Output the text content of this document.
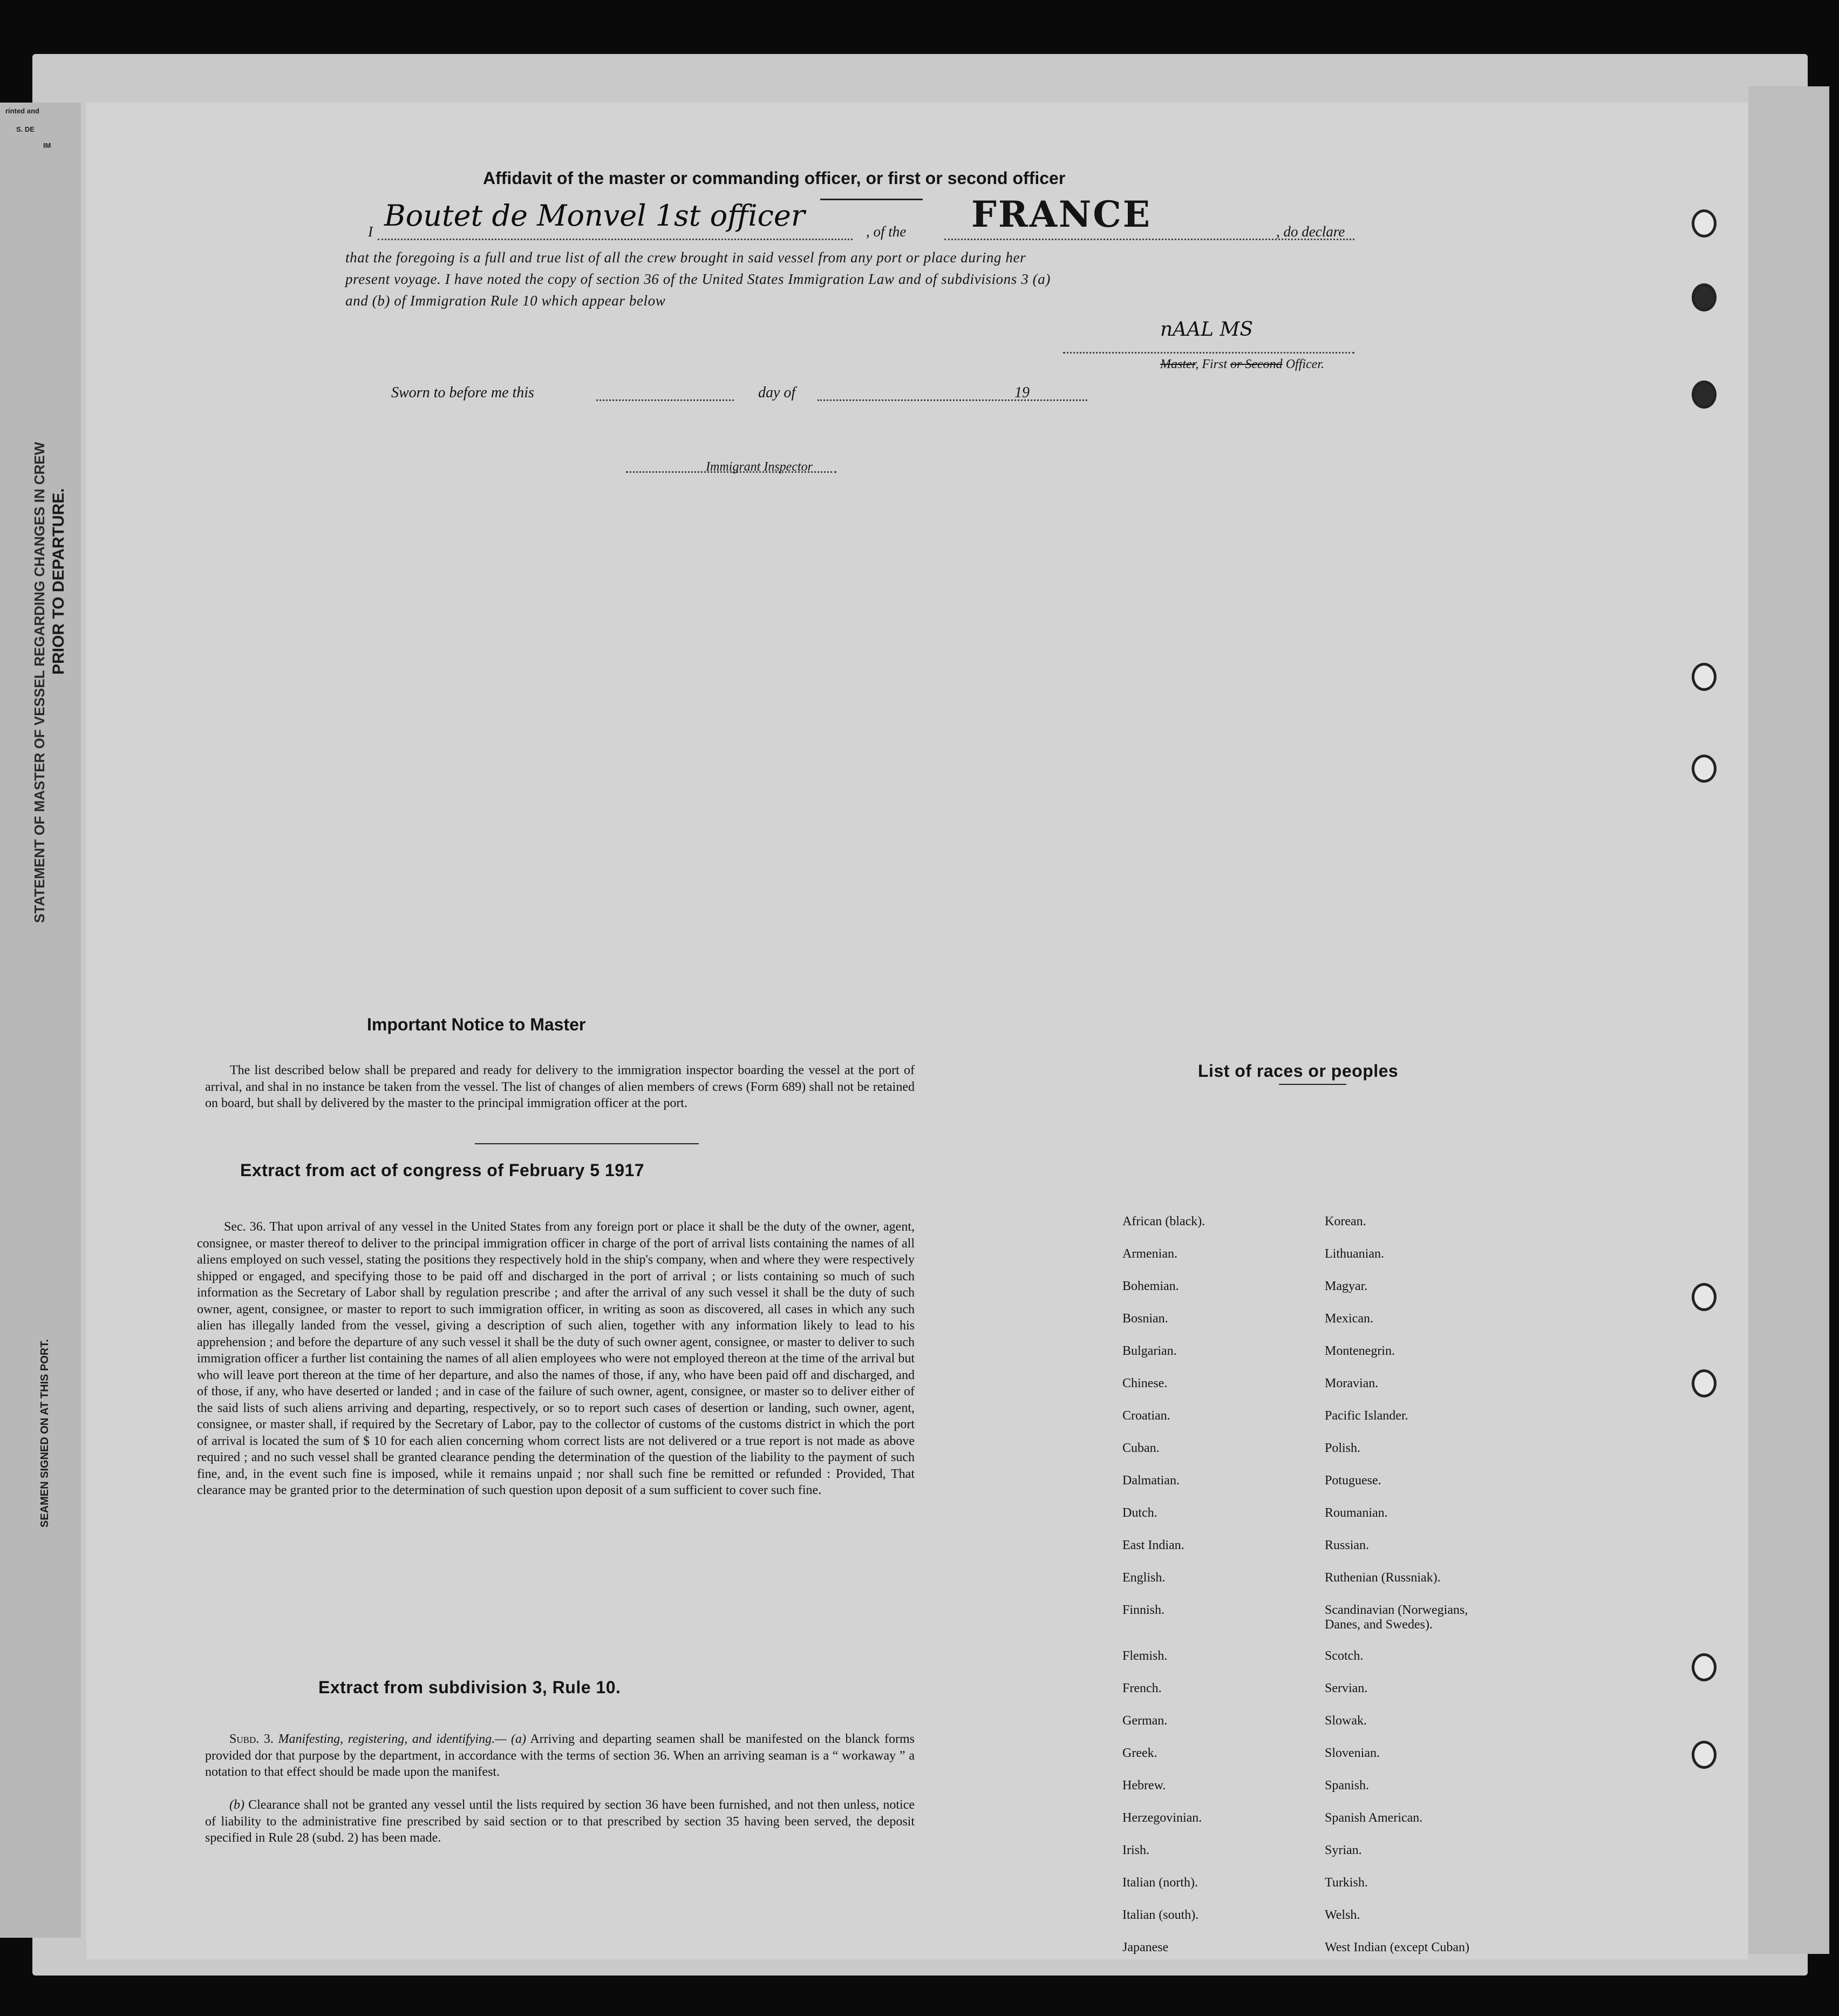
rinted and
S. DE
IM
STATEMENT OF MASTER OF VESSEL REGARDING CHANGES IN CREW PRIOR TO DEPARTURE.
SEAMEN SIGNED ON AT THIS PORT.
Affidavit of the master or commanding officer, or first or second officer
I Boutet de Monvel 1st officer	, of the FRANCE	, do declare
that the foregoing is a full and true list of all the crew brought in said vessel from any port or place during her
present voyage. I have noted the copy of section 36 of the United States Immigration Law and of subdivisions 3 (a)
and (b) of Immigration Rule 10 which appear below
nAAL MS
Master, First or Second Officer.
Sworn to before me this	day of	19
Immigrant Inspector
Important Notice to Master
The list described below shall be prepared and ready for delivery to the immigration inspector boarding the vessel at the port of arrival, and shal in no instance be taken from the vessel. The list of changes of alien members of crews (Form 689) shall not be retained on board, but shall by delivered by the master to the principal immigration officer at the port.
Extract from act of congress of February 5 1917
Sec. 36. That upon arrival of any vessel in the United States from any foreign port or place it shall be the duty of the owner, agent, consignee, or master thereof to deliver to the principal immigration officer in charge of the port of arrival lists containing the names of all aliens employed on such vessel, stating the positions they respectively hold in the ship's company, when and where they were respectively shipped or engaged, and specifying those to be paid off and discharged in the port of arrival ; or lists containing so much of such information as the Secretary of Labor shall by regulation prescribe ; and after the arrival of any such vessel it shall be the duty of such owner, agent, consignee, or master to report to such immigration officer, in writing as soon as discovered, all cases in which any such alien has illegally landed from the vessel, giving a description of such alien, together with any information likely to lead to his apprehension ; and before the departure of any such vessel it shall be the duty of such owner agent, consignee, or master to deliver to such immigration officer a further list containing the names of all alien employees who were not employed thereon at the time of the arrival but who will leave port thereon at the time of her departure, and also the names of those, if any, who have been paid off and discharged, and of those, if any, who have deserted or landed ; and in case of the failure of such owner, agent, consignee, or master so to deliver either of the said lists of such aliens arriving and departing, respectively, or so to report such cases of desertion or landing, such owner, agent, consignee, or master shall, if required by the Secretary of Labor, pay to the collector of customs of the customs district in which the port of arrival is located the sum of $ 10 for each alien concerning whom correct lists are not delivered or a true report is not made as above required ; and no such vessel shall be granted clearance pending the determination of the question of the liability to the payment of such fine, and, in the event such fine is imposed, while it remains unpaid ; nor shall such fine be remitted or refunded : Provided, That clearance may be granted prior to the determination of such question upon deposit of a sum sufficient to cover such fine.
Extract from subdivision 3, Rule 10.
Subd. 3. Manifesting, registering, and identifying.— (a) Arriving and departing seamen shall be manifested on the blanck forms provided dor that purpose by the department, in accordance with the terms of section 36. When an arriving seaman is a “ workaway ” a notation to that effect should be made upon the manifest.
(b) Clearance shall not be granted any vessel until the lists required by section 36 have been furnished, and not then unless, notice of liability to the administrative fine prescribed by said section or to that prescribed by section 35 having been served, the deposit specified in Rule 28 (subd. 2) has been made.
List of races or peoples
African (black).
Armenian.
Bohemian.
Bosnian.
Bulgarian.
Chinese.
Croatian.
Cuban.
Dalmatian.
Dutch.
East Indian.
English.
Finnish.
Flemish.
French.
German.
Greek.
Hebrew.
Herzegovinian.
Irish.
Italian (north).
Italian (south).
Japanese
Korean.
Lithuanian.
Magyar.
Mexican.
Montenegrin.
Moravian.
Pacific Islander.
Polish.
Potuguese.
Roumanian.
Russian.
Ruthenian (Russniak).
Scandinavian (Norwegians, Danes, and Swedes).
Scotch.
Servian.
Slowak.
Slovenian.
Spanish.
Spanish American.
Syrian.
Turkish.
Welsh.
West Indian (except Cuban)
